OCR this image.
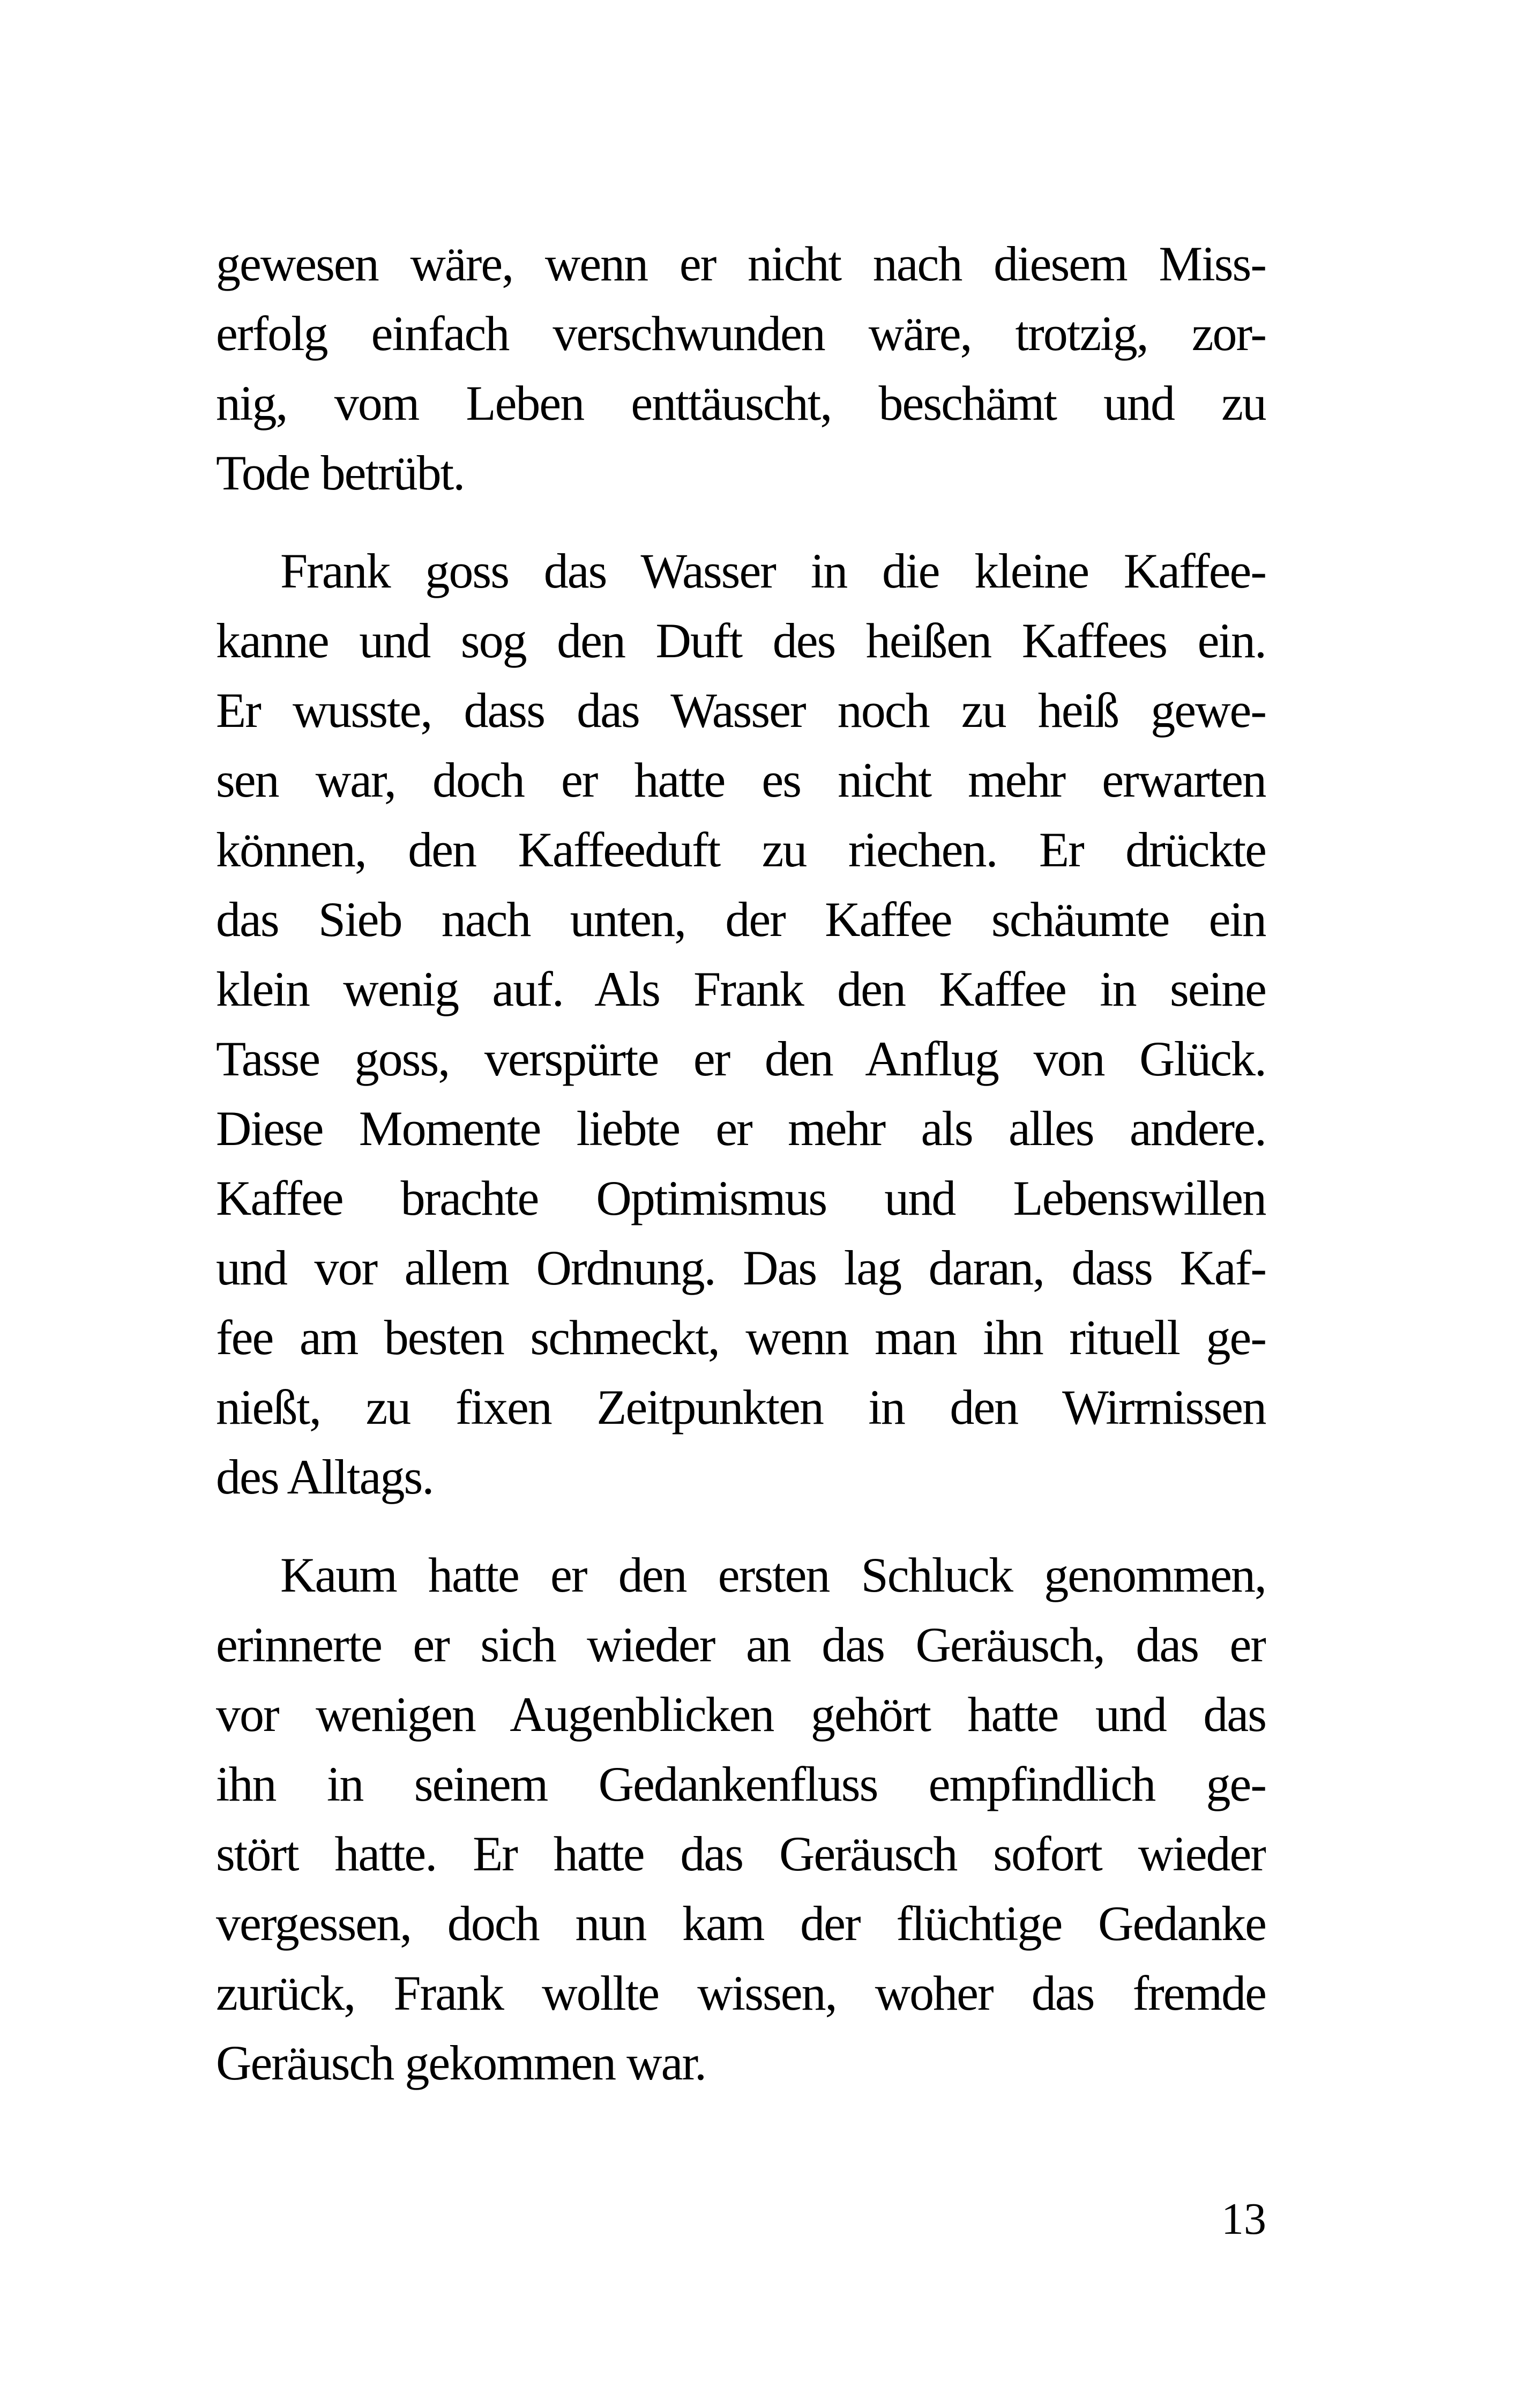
gewesen wäre, wenn er nicht nach diesem Miss-
erfolg einfach verschwunden wäre, trotzig, zor-
nig, vom Leben enttäuscht, beschämt und zu
Tode betrübt.

Frank goss das Wasser in die kleine Kaffee-
kanne und sog den Duft des heißen Kaffees ein.
Er wusste, dass das Wasser noch zu heiß gewe-
sen war, doch er hatte es nicht mehr erwarten
können, den Kaffeeduft zu riechen. Er drückte
das Sieb nach unten, der Kaffee schäumte ein
klein wenig auf. Als Frank den Kaffee in seine
Tasse goss, verspürte er den Anflug von Glück.
Diese Momente liebte er mehr als alles andere.
Kaffee brachte Optimismus und Lebenswillen
und vor allem Ordnung. Das lag daran, dass Kaf-
fee am besten schmeckt, wenn man ihn rituell ge-
nießt, zu fixen Zeitpunkten in den Wirrnissen
des Alltags.

Kaum hatte er den ersten Schluck genommen,
erinnerte er sich wieder an das Geräusch, das er
vor wenigen Augenblicken gehört hatte und das
ihn in seinem Gedankenfluss empfindlich ge-
stört hatte. Er hatte das Geräusch sofort wieder
vergessen, doch nun kam der flüchtige Gedanke
zurück, Frank wollte wissen, woher das fremde
Geräusch gekommen war.

13
